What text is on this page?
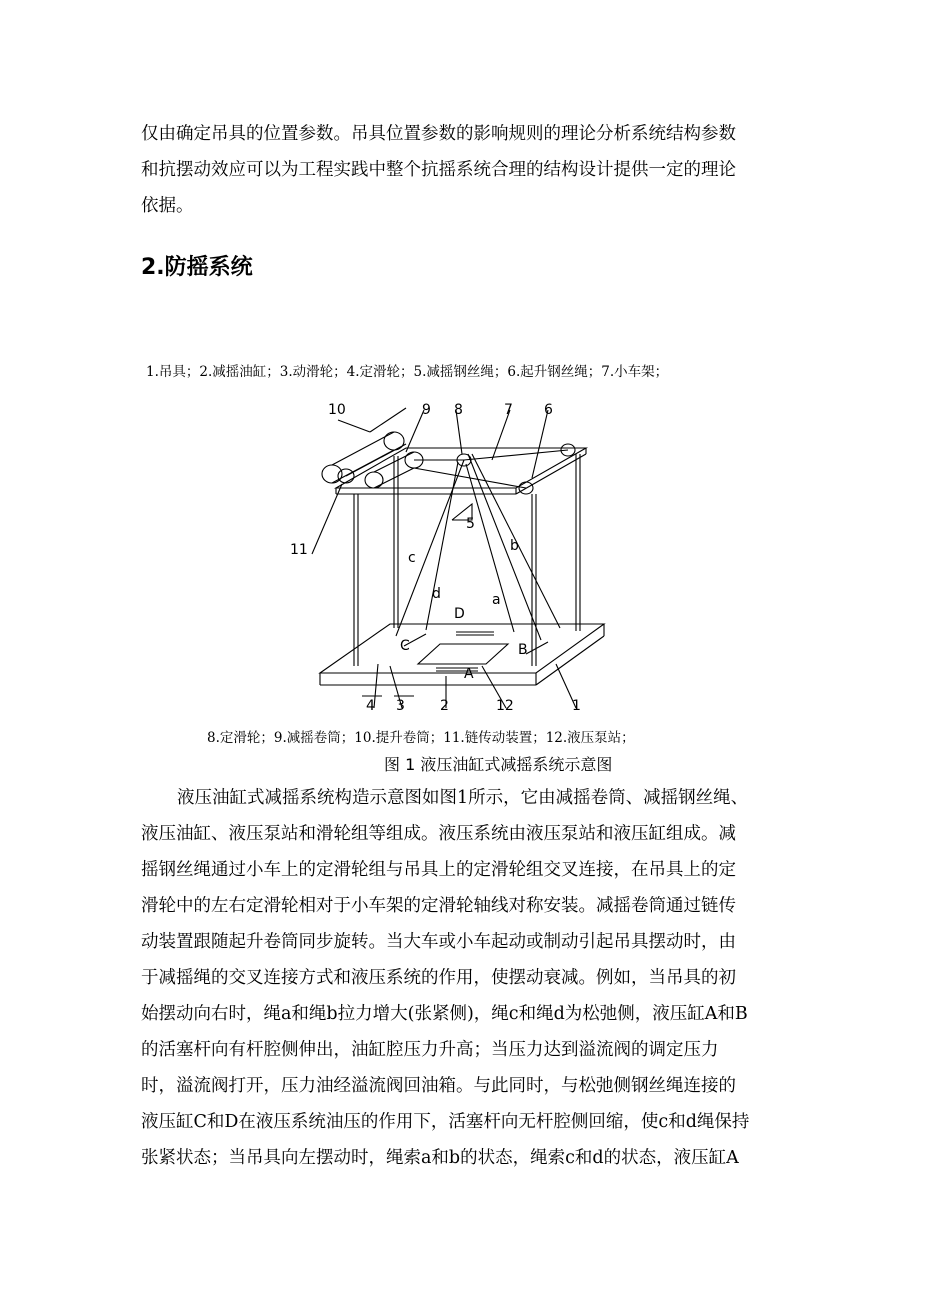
仅由确定吊具的位置参数。吊具位置参数的影响规则的理论分析系统结构参数
和抗摆动效应可以为工程实践中整个抗摇系统合理的结构设计提供一定的理论
依据。
2.防摇系统
1.吊具；2.减摇油缸；3.动滑轮；4.定滑轮；5.减摇钢丝绳；6.起升钢丝绳；7.小车架；
10	9 8	7 6
11
5
c
b
d	a
D
C	B
A
4 3	2	12	1
8.定滑轮；9.减摇卷筒；10.提升卷筒；11.链传动装置；12.液压泵站；
图 1 液压油缸式减摇系统示意图
液压油缸式减摇系统构造示意图如图1所示，它由减摇卷筒、减摇钢丝绳、
液压油缸、液压泵站和滑轮组等组成。液压系统由液压泵站和液压缸组成。减
摇钢丝绳通过小车上的定滑轮组与吊具上的定滑轮组交叉连接，在吊具上的定
滑轮中的左右定滑轮相对于小车架的定滑轮轴线对称安装。减摇卷筒通过链传
动装置跟随起升卷筒同步旋转。当大车或小车起动或制动引起吊具摆动时，由
于减摇绳的交叉连接方式和液压系统的作用，使摆动衰减。例如，当吊具的初
始摆动向右时，绳a和绳b拉力增大(张紧侧)，绳c和绳d为松弛侧，液压缸A和B
的活塞杆向有杆腔侧伸出，油缸腔压力升高；当压力达到溢流阀的调定压力
时，溢流阀打开，压力油经溢流阀回油箱。与此同时，与松弛侧钢丝绳连接的
液压缸C和D在液压系统油压的作用下，活塞杆向无杆腔侧回缩，使c和d绳保持
张紧状态；当吊具向左摆动时，绳索a和b的状态，绳索c和d的状态，液压缸A
